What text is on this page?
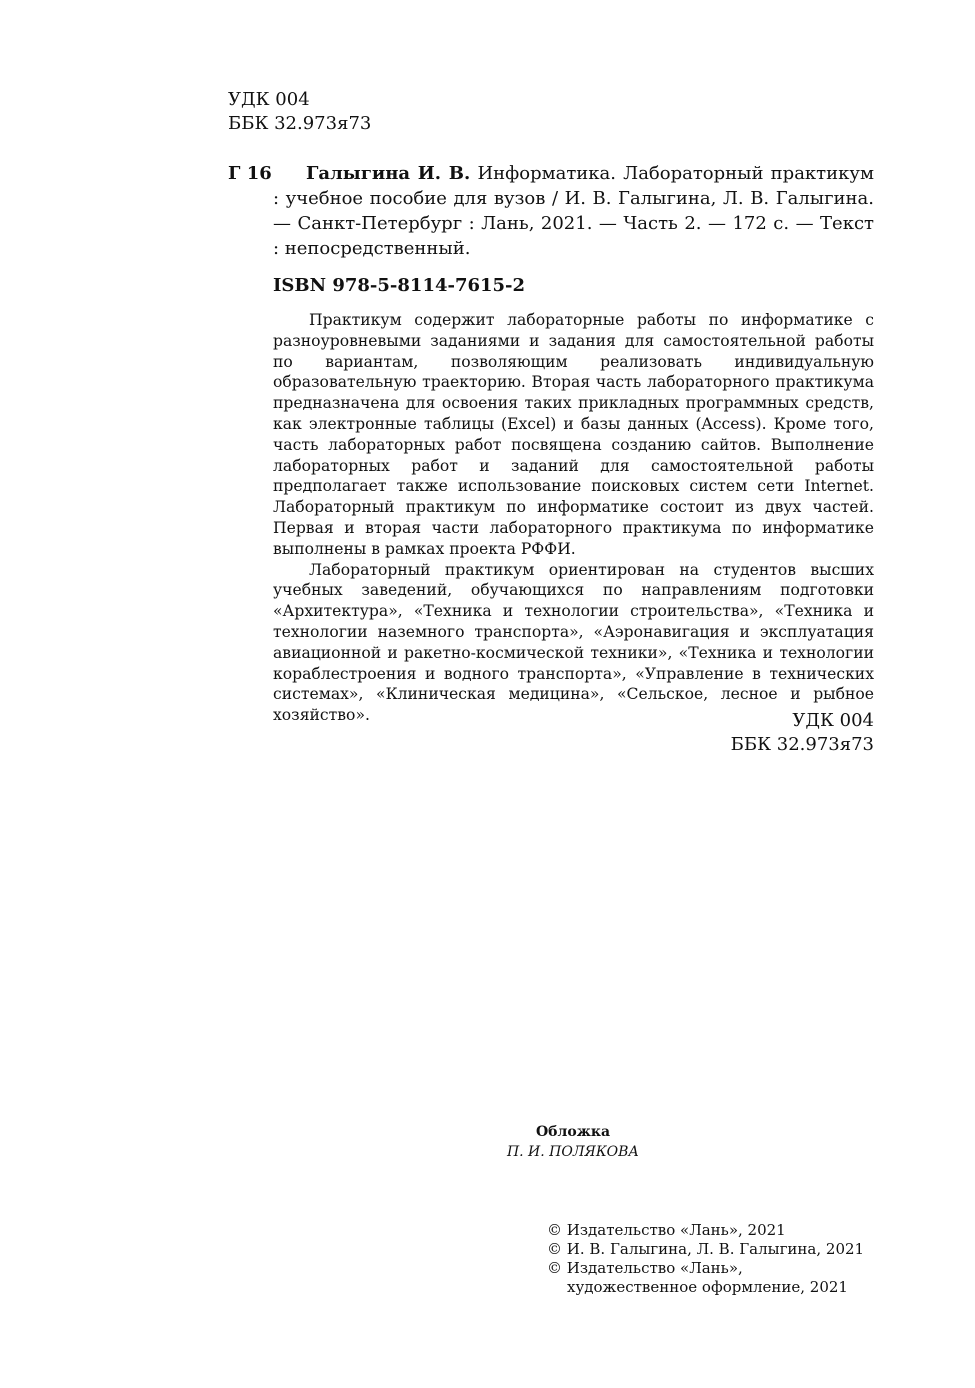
УДК 004
ББК 32.973я73
Г 16	Галыгина И. В. Информатика. Лабораторный практикум : учебное пособие для вузов / И. В. Галыгина, Л. В. Галыгина. — Санкт-Петербург : Лань, 2021. — Часть 2. — 172 с. — Текст : непосредственный.
ISBN 978-5-8114-7615-2

Практикум содержит лабораторные работы по информатике с разноуровневыми заданиями и задания для самостоятельной работы по вариантам, позволяющим реализовать индивидуальную образовательную траекторию. Вторая часть лабораторного практикума предназначена для освоения таких прикладных программных средств, как электронные таблицы (Excel) и базы данных (Access). Кроме того, часть лабораторных работ посвящена созданию сайтов. Выполнение лабораторных работ и заданий для самостоятельной работы предполагает также использование поисковых систем сети Internet. Лабораторный практикум по информатике состоит из двух частей. Первая и вторая части лабораторного практикума по информатике выполнены в рамках проекта РФФИ.

Лабораторный практикум ориентирован на студентов высших учебных заведений, обучающихся по направлениям подготовки «Архитектура», «Техника и технологии строительства», «Техника и технологии наземного транспорта», «Аэронавигация и эксплуатация авиационной и ракетно-космической техники», «Техника и технологии кораблестроения и водного транспорта», «Управление в технических системах», «Клиническая медицина», «Сельское, лесное и рыбное хозяйство».	УДК 004
ББК 32.973я73
Обложка
П. И. ПОЛЯКОВА
© Издательство «Лань», 2021
© И. В. Галыгина, Л. В. Галыгина, 2021
© Издательство «Лань»,
художественное оформление, 2021
